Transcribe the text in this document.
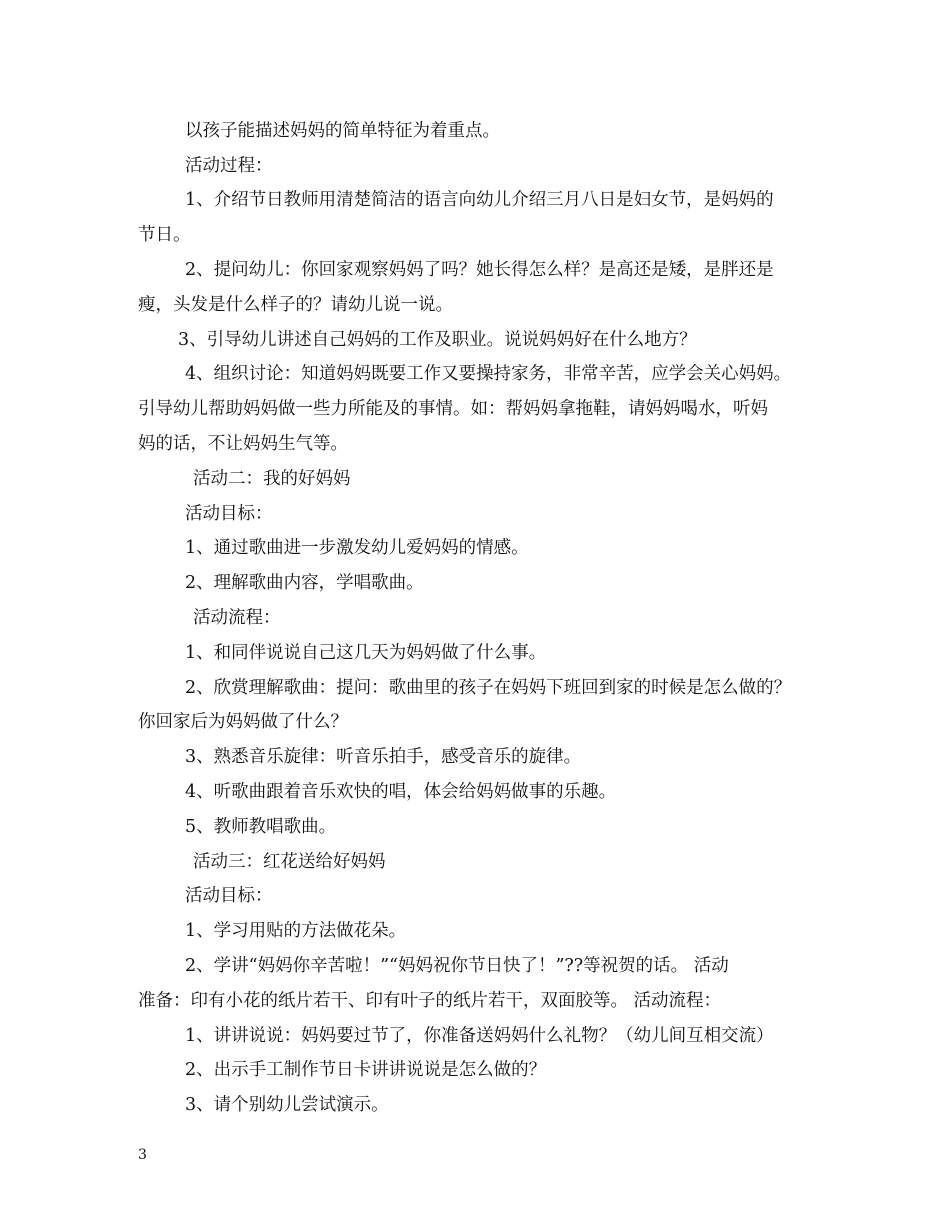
以孩子能描述妈妈的简单特征为着重点。
活动过程：
1、介绍节日教师用清楚简洁的语言向幼儿介绍三月八日是妇女节，是妈妈的
节日。
2、提问幼儿：你回家观察妈妈了吗？她长得怎么样？是高还是矮，是胖还是
瘦，头发是什么样子的？请幼儿说一说。
3、引导幼儿讲述自己妈妈的工作及职业。说说妈妈好在什么地方？
4、组织讨论：知道妈妈既要工作又要操持家务，非常辛苦，应学会关心妈妈。
引导幼儿帮助妈妈做一些力所能及的事情。如：帮妈妈拿拖鞋，请妈妈喝水，听妈
妈的话，不让妈妈生气等。
活动二：我的好妈妈
活动目标：
1、通过歌曲进一步激发幼儿爱妈妈的情感。
2、理解歌曲内容，学唱歌曲。
活动流程：
1、和同伴说说自己这几天为妈妈做了什么事。
2、欣赏理解歌曲：提问：歌曲里的孩子在妈妈下班回到家的时候是怎么做的？
你回家后为妈妈做了什么？
3、熟悉音乐旋律：听音乐拍手，感受音乐的旋律。
4、听歌曲跟着音乐欢快的唱，体会给妈妈做事的乐趣。
5、教师教唱歌曲。
活动三：红花送给好妈妈
活动目标：
1、学习用贴的方法做花朵。
2、学讲“妈妈你辛苦啦！”“妈妈祝你节日快了！”??等祝贺的话。 活动
准备：印有小花的纸片若干、印有叶子的纸片若干，双面胶等。 活动流程：
1、讲讲说说：妈妈要过节了，你准备送妈妈什么礼物？（幼儿间互相交流）
2、出示手工制作节日卡讲讲说说是怎么做的？
3、请个别幼儿尝试演示。
3
